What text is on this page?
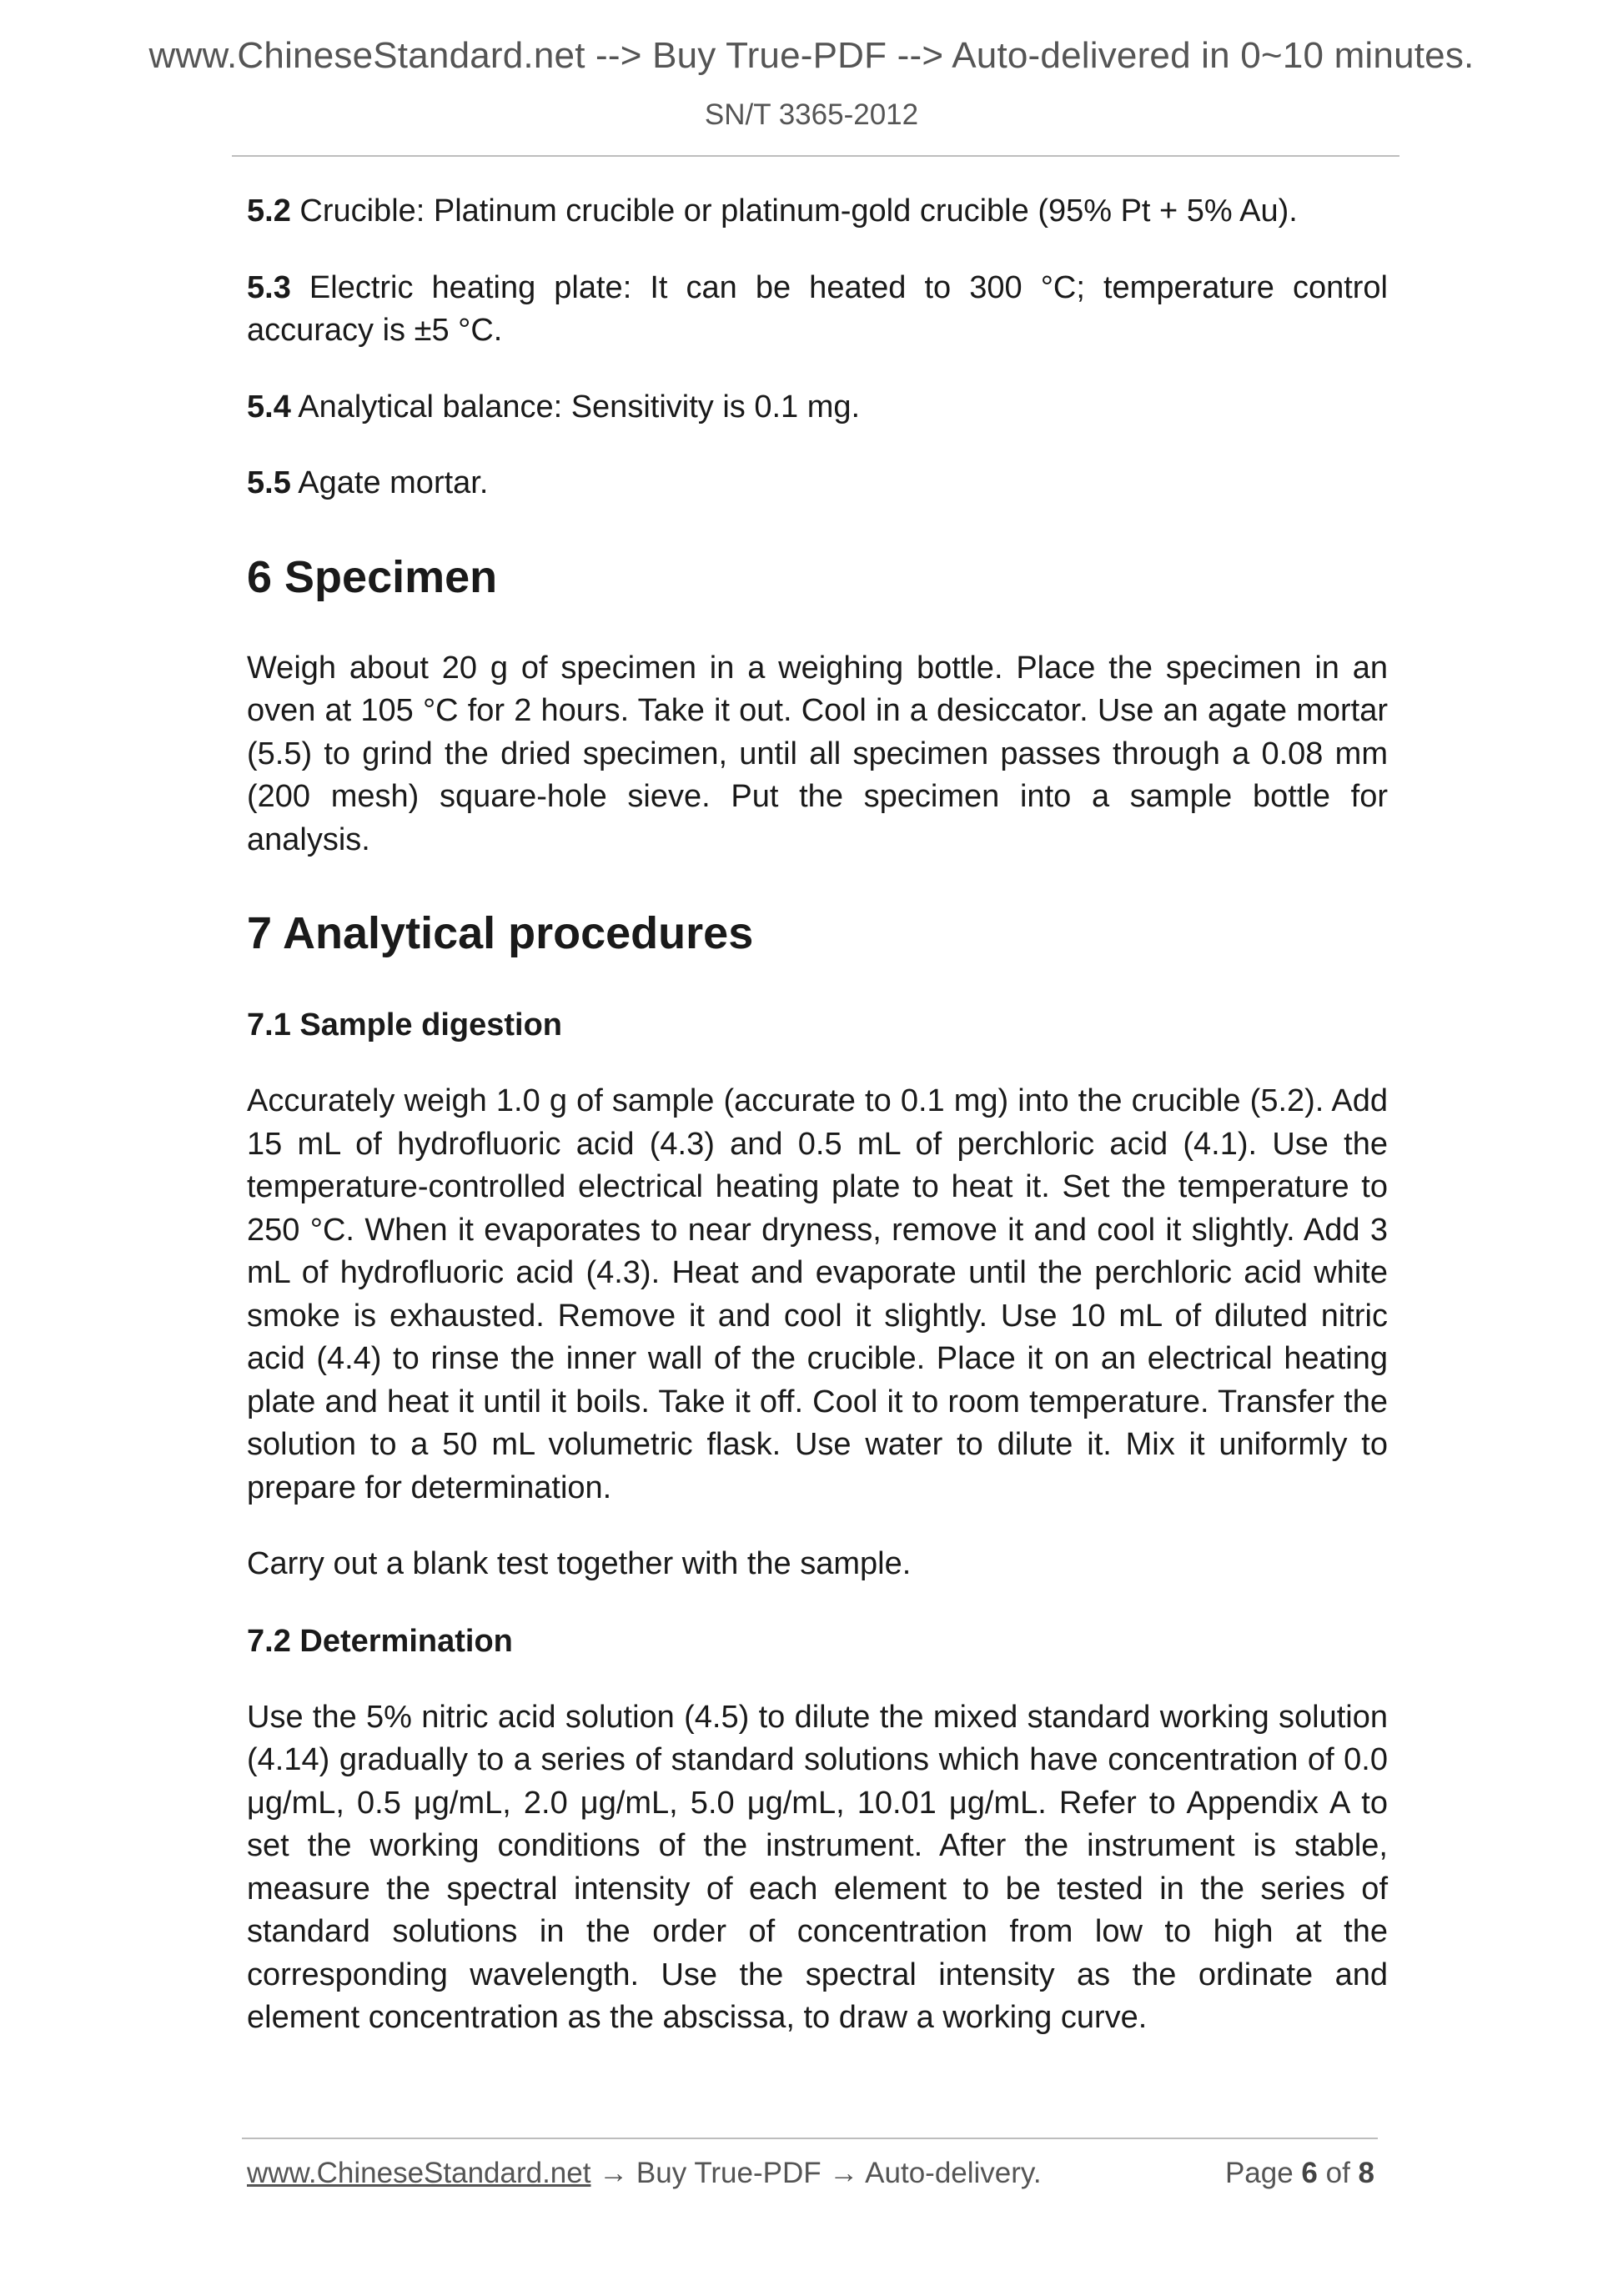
www.ChineseStandard.net --> Buy True-PDF --> Auto-delivered in 0~10 minutes.
SN/T 3365-2012

5.2 Crucible: Platinum crucible or platinum-gold crucible (95% Pt + 5% Au).

5.3 Electric heating plate: It can be heated to 300 °C; temperature control accuracy is ±5 °C.

5.4 Analytical balance: Sensitivity is 0.1 mg.

5.5 Agate mortar.

6 Specimen

Weigh about 20 g of specimen in a weighing bottle. Place the specimen in an oven at 105 °C for 2 hours. Take it out. Cool in a desiccator. Use an agate mortar (5.5) to grind the dried specimen, until all specimen passes through a 0.08 mm (200 mesh) square-hole sieve. Put the specimen into a sample bottle for analysis.

7 Analytical procedures
7.1 Sample digestion

Accurately weigh 1.0 g of sample (accurate to 0.1 mg) into the crucible (5.2). Add 15 mL of hydrofluoric acid (4.3) and 0.5 mL of perchloric acid (4.1). Use the temperature-controlled electrical heating plate to heat it. Set the temperature to 250 °C. When it evaporates to near dryness, remove it and cool it slightly. Add 3 mL of hydrofluoric acid (4.3). Heat and evaporate until the perchloric acid white smoke is exhausted. Remove it and cool it slightly. Use 10 mL of diluted nitric acid (4.4) to rinse the inner wall of the crucible. Place it on an electrical heating plate and heat it until it boils. Take it off. Cool it to room temperature. Transfer the solution to a 50 mL volumetric flask. Use water to dilute it. Mix it uniformly to prepare for determination.

Carry out a blank test together with the sample.

7.2 Determination

Use the 5% nitric acid solution (4.5) to dilute the mixed standard working solution (4.14) gradually to a series of standard solutions which have concentration of 0.0 μg/mL, 0.5 μg/mL, 2.0 μg/mL, 5.0 μg/mL, 10.01 μg/mL. Refer to Appendix A to set the working conditions of the instrument. After the instrument is stable, measure the spectral intensity of each element to be tested in the series of standard solutions in the order of concentration from low to high at the corresponding wavelength. Use the spectral intensity as the ordinate and element concentration as the abscissa, to draw a working curve.

www.ChineseStandard.net → Buy True-PDF → Auto-delivery.	Page 6 of 8
